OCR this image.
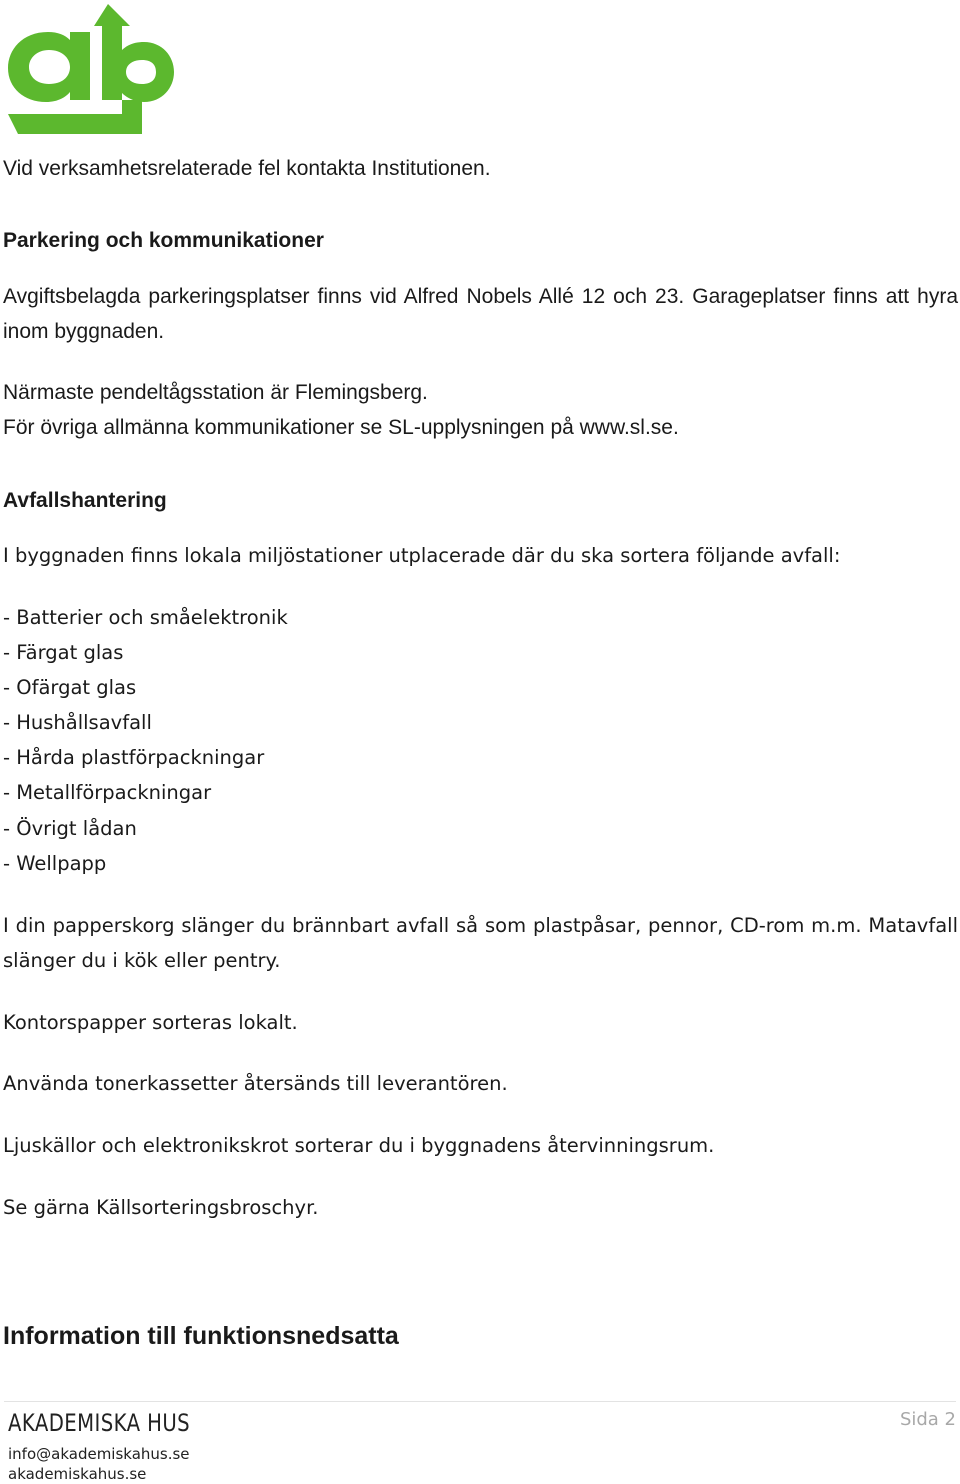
Vid verksamhetsrelaterade fel kontakta Institutionen.

Parkering och kommunikationer

Avgiftsbelagda parkeringsplatser finns vid Alfred Nobels Allé 12 och 23. Garageplatser finns att hyra inom byggnaden.

Närmaste pendeltågsstation är Flemingsberg.

För övriga allmänna kommunikationer se SL-upplysningen på www.sl.se.

Avfallshantering

I byggnaden finns lokala miljöstationer utplacerade där du ska sortera följande avfall:

- Batterier och småelektronik
- Färgat glas
- Ofärgat glas
- Hushållsavfall
- Hårda plastförpackningar
- Metallförpackningar
- Övrigt lådan
- Wellpapp

I din papperskorg slänger du brännbart avfall så som plastpåsar, pennor, CD-rom m.m. Matavfall slänger du i kök eller pentry.

Kontorspapper sorteras lokalt.

Använda tonerkassetter återsänds till leverantören.

Ljuskällor och elektronikskrot sorterar du i byggnadens återvinningsrum.

Se gärna Källsorteringsbroschyr.

Information till funktionsnedsatta
AKADEMISKA HUS
info@akademiskahus.se
akademiskahus.se
Sida 2
